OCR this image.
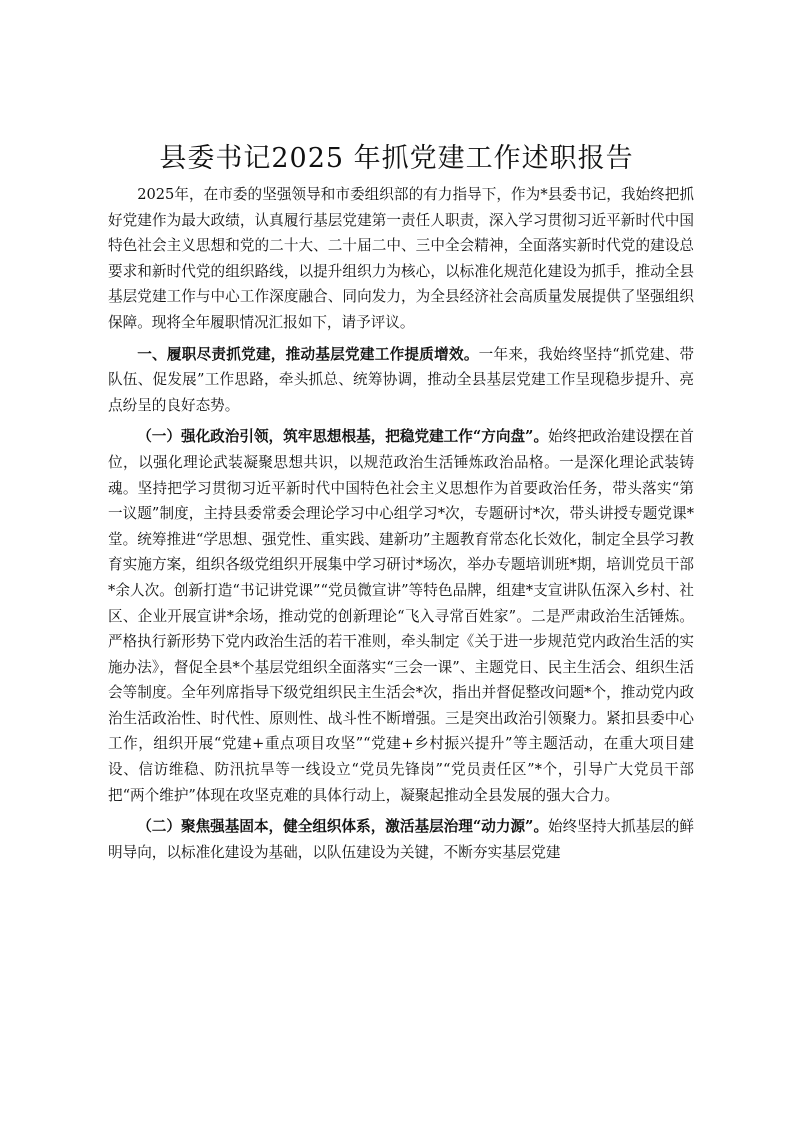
县委书记2025 年抓党建工作述职报告

2025年，在市委的坚强领导和市委组织部的有力指导下，作为*县委书记，我始终把抓好党建作为最大政绩，认真履行基层党建第一责任人职责，深入学习贯彻习近平新时代中国特色社会主义思想和党的二十大、二十届二中、三中全会精神，全面落实新时代党的建设总要求和新时代党的组织路线，以提升组织力为核心，以标准化规范化建设为抓手，推动全县基层党建工作与中心工作深度融合、同向发力，为全县经济社会高质量发展提供了坚强组织保障。现将全年履职情况汇报如下，请予评议。

一、履职尽责抓党建，推动基层党建工作提质增效。一年来，我始终坚持“抓党建、带队伍、促发展”工作思路，牵头抓总、统筹协调，推动全县基层党建工作呈现稳步提升、亮点纷呈的良好态势。

（一）强化政治引领，筑牢思想根基，把稳党建工作“方向盘”。始终把政治建设摆在首位，以强化理论武装凝聚思想共识，以规范政治生活锤炼政治品格。一是深化理论武装铸魂。坚持把学习贯彻习近平新时代中国特色社会主义思想作为首要政治任务，带头落实“第一议题”制度，主持县委常委会理论学习中心组学习*次，专题研讨*次，带头讲授专题党课*堂。统筹推进“学思想、强党性、重实践、建新功”主题教育常态化长效化，制定全县学习教育实施方案，组织各级党组织开展集中学习研讨*场次，举办专题培训班*期，培训党员干部*余人次。创新打造“书记讲党课”“党员微宣讲”等特色品牌，组建*支宣讲队伍深入乡村、社区、企业开展宣讲*余场，推动党的创新理论“飞入寻常百姓家”。二是严肃政治生活锤炼。严格执行新形势下党内政治生活的若干准则，牵头制定《关于进一步规范党内政治生活的实施办法》，督促全县*个基层党组织全面落实“三会一课”、主题党日、民主生活会、组织生活会等制度。全年列席指导下级党组织民主生活会*次，指出并督促整改问题*个，推动党内政治生活政治性、时代性、原则性、战斗性不断增强。三是突出政治引领聚力。紧扣县委中心工作，组织开展“党建+重点项目攻坚”“党建+乡村振兴提升”等主题活动，在重大项目建设、信访维稳、防汛抗旱等一线设立“党员先锋岗”“党员责任区”*个，引导广大党员干部把“两个维护”体现在攻坚克难的具体行动上，凝聚起推动全县发展的强大合力。

（二）聚焦强基固本，健全组织体系，激活基层治理“动力源”。始终坚持大抓基层的鲜明导向，以标准化建设为基础，以队伍建设为关键，不断夯实基层党建
